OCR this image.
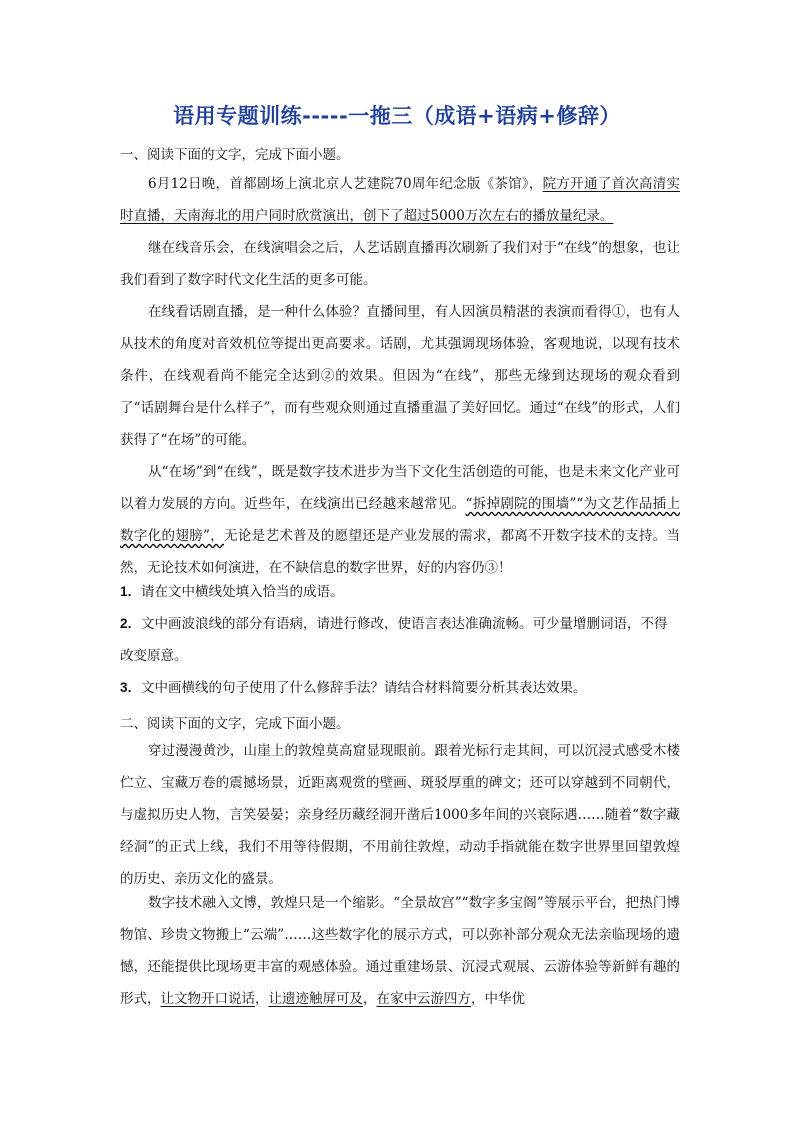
语用专题训练-----一拖三（成语+语病+修辞）
一、阅读下面的文字，完成下面小题。
6月12日晚，首都剧场上演北京人艺建院70周年纪念版《茶馆》，院方开通了首次高清实时直播，天南海北的用户同时欣赏演出，创下了超过5000万次左右的播放量纪录。
继在线音乐会，在线演唱会之后，人艺话剧直播再次刷新了我们对于“在线”的想象，也让我们看到了数字时代文化生活的更多可能。
在线看话剧直播，是一种什么体验？直播间里，有人因演员精湛的表演而看得①，也有人从技术的角度对音效机位等提出更高要求。话剧，尤其强调现场体验，客观地说，以现有技术条件，在线观看尚不能完全达到②的效果。但因为“在线”，那些无缘到达现场的观众看到了“话剧舞台是什么样子”，而有些观众则通过直播重温了美好回忆。通过“在线”的形式，人们获得了“在场”的可能。
从“在场”到“在线”，既是数字技术进步为当下文化生活创造的可能，也是未来文化产业可以着力发展的方向。近些年，在线演出已经越来越常见。“拆掉剧院的围墙”“为文艺作品插上数字化的翅膀”，无论是艺术普及的愿望还是产业发展的需求，都离不开数字技术的支持。当然，无论技术如何演进，在不缺信息的数字世界，好的内容仍③！
1．请在文中横线处填入恰当的成语。
2．文中画波浪线的部分有语病，请进行修改，使语言表达准确流畅。可少量增删词语，不得改变原意。
3．文中画横线的句子使用了什么修辞手法？请结合材料简要分析其表达效果。
二、阅读下面的文字，完成下面小题。
穿过漫漫黄沙，山崖上的敦煌莫高窟显现眼前。跟着光标行走其间，可以沉浸式感受木楼伫立、宝藏万卷的震撼场景，近距离观赏的壁画、斑驳厚重的碑文；还可以穿越到不同朝代，与虚拟历史人物，言笑晏晏；亲身经历藏经洞开凿后1000多年间的兴衰际遇……随着“数字藏经洞”的正式上线，我们不用等待假期，不用前往敦煌，动动手指就能在数字世界里回望敦煌的历史、亲历文化的盛景。
数字技术融入文博，敦煌只是一个缩影。“全景故宫”“数字多宝阁”等展示平台，把热门博物馆、珍贵文物搬上“云端”……这些数字化的展示方式，可以弥补部分观众无法亲临现场的遗憾，还能提供比现场更丰富的观感体验。通过重建场景、沉浸式观展、云游体验等新鲜有趣的形式，让文物开口说话，让遗迹触屏可及，在家中云游四方，中华优
